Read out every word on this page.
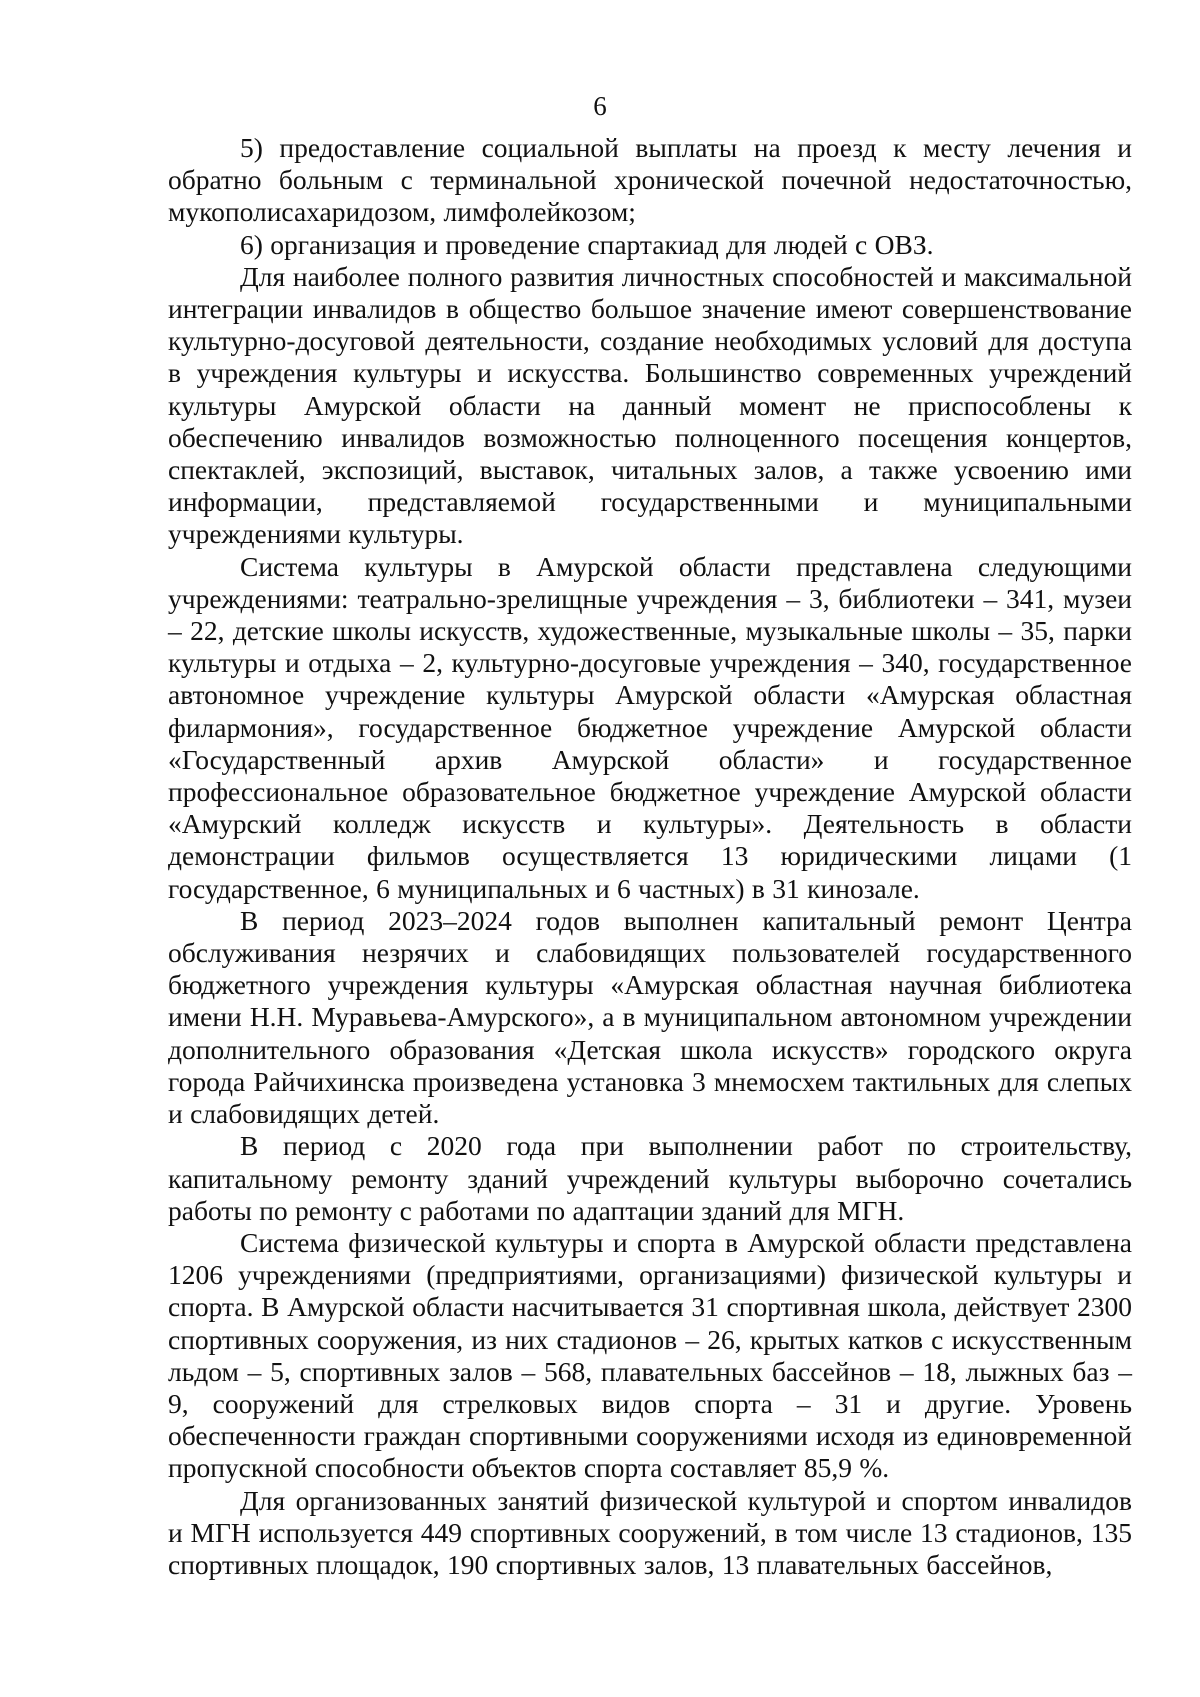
6

5) предоставление социальной выплаты на проезд к месту лечения и обратно больным с терминальной хронической почечной недостаточностью, мукополисахаридозом, лимфолейкозом;

6) организация и проведение спартакиад для людей с ОВЗ.

Для наиболее полного развития личностных способностей и максимальной интеграции инвалидов в общество большое значение имеют совершенствование культурно-досуговой деятельности, создание необходимых условий для доступа в учреждения культуры и искусства. Большинство современных учреждений культуры Амурской области на данный момент не приспособлены к обеспечению инвалидов возможностью полноценного посещения концертов, спектаклей, экспозиций, выставок, читальных залов, а также усвоению ими информации, представляемой государственными и муниципальными учреждениями культуры.

Система культуры в Амурской области представлена следующими учреждениями: театрально-зрелищные учреждения – 3, библиотеки – 341, музеи – 22, детские школы искусств, художественные, музыкальные школы – 35, парки культуры и отдыха – 2, культурно-досуговые учреждения – 340, государственное автономное учреждение культуры Амурской области «Амурская областная филармония», государственное бюджетное учреждение Амурской области «Государственный архив Амурской области» и государственное профессиональное образовательное бюджетное учреждение Амурской области «Амурский колледж искусств и культуры». Деятельность в области демонстрации фильмов осуществляется 13 юридическими лицами (1 государственное, 6 муниципальных и 6 частных) в 31 кинозале.

В период 2023–2024 годов выполнен капитальный ремонт Центра обслуживания незрячих и слабовидящих пользователей государственного бюджетного учреждения культуры «Амурская областная научная библиотека имени Н.Н. Муравьева-Амурского», а в муниципальном автономном учреждении дополнительного образования «Детская школа искусств» городского округа города Райчихинска произведена установка 3 мнемосхем тактильных для слепых и слабовидящих детей.

В период с 2020 года при выполнении работ по строительству, капитальному ремонту зданий учреждений культуры выборочно сочетались работы по ремонту с работами по адаптации зданий для МГН.

Система физической культуры и спорта в Амурской области представлена 1206 учреждениями (предприятиями, организациями) физической культуры и спорта. В Амурской области насчитывается 31 спортивная школа, действует 2300 спортивных сооружения, из них стадионов – 26, крытых катков с искусственным льдом – 5, спортивных залов – 568, плавательных бассейнов – 18, лыжных баз – 9, сооружений для стрелковых видов спорта – 31 и другие. Уровень обеспеченности граждан спортивными сооружениями исходя из единовременной пропускной способности объектов спорта составляет 85,9 %.

Для организованных занятий физической культурой и спортом инвалидов и МГН используется 449 спортивных сооружений, в том числе 13 стадионов, 135 спортивных площадок, 190 спортивных залов, 13 плавательных бассейнов,
